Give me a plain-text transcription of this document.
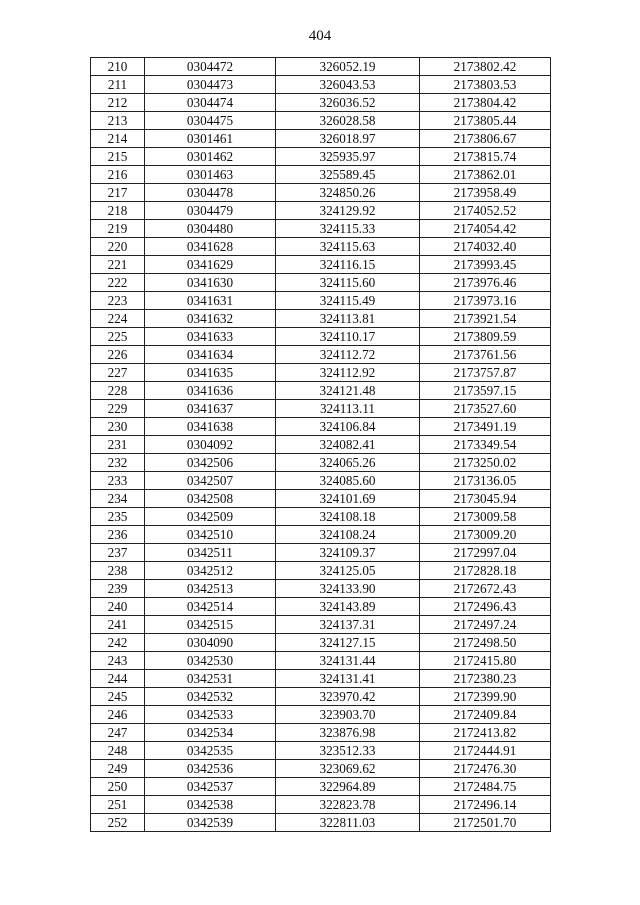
404
210	0304472	326052.19	2173802.42
211	0304473	326043.53	2173803.53
212	0304474	326036.52	2173804.42
213	0304475	326028.58	2173805.44
214	0301461	326018.97	2173806.67
215	0301462	325935.97	2173815.74
216	0301463	325589.45	2173862.01
217	0304478	324850.26	2173958.49
218	0304479	324129.92	2174052.52
219	0304480	324115.33	2174054.42
220	0341628	324115.63	2174032.40
221	0341629	324116.15	2173993.45
222	0341630	324115.60	2173976.46
223	0341631	324115.49	2173973.16
224	0341632	324113.81	2173921.54
225	0341633	324110.17	2173809.59
226	0341634	324112.72	2173761.56
227	0341635	324112.92	2173757.87
228	0341636	324121.48	2173597.15
229	0341637	324113.11	2173527.60
230	0341638	324106.84	2173491.19
231	0304092	324082.41	2173349.54
232	0342506	324065.26	2173250.02
233	0342507	324085.60	2173136.05
234	0342508	324101.69	2173045.94
235	0342509	324108.18	2173009.58
236	0342510	324108.24	2173009.20
237	0342511	324109.37	2172997.04
238	0342512	324125.05	2172828.18
239	0342513	324133.90	2172672.43
240	0342514	324143.89	2172496.43
241	0342515	324137.31	2172497.24
242	0304090	324127.15	2172498.50
243	0342530	324131.44	2172415.80
244	0342531	324131.41	2172380.23
245	0342532	323970.42	2172399.90
246	0342533	323903.70	2172409.84
247	0342534	323876.98	2172413.82
248	0342535	323512.33	2172444.91
249	0342536	323069.62	2172476.30
250	0342537	322964.89	2172484.75
251	0342538	322823.78	2172496.14
252	0342539	322811.03	2172501.70
